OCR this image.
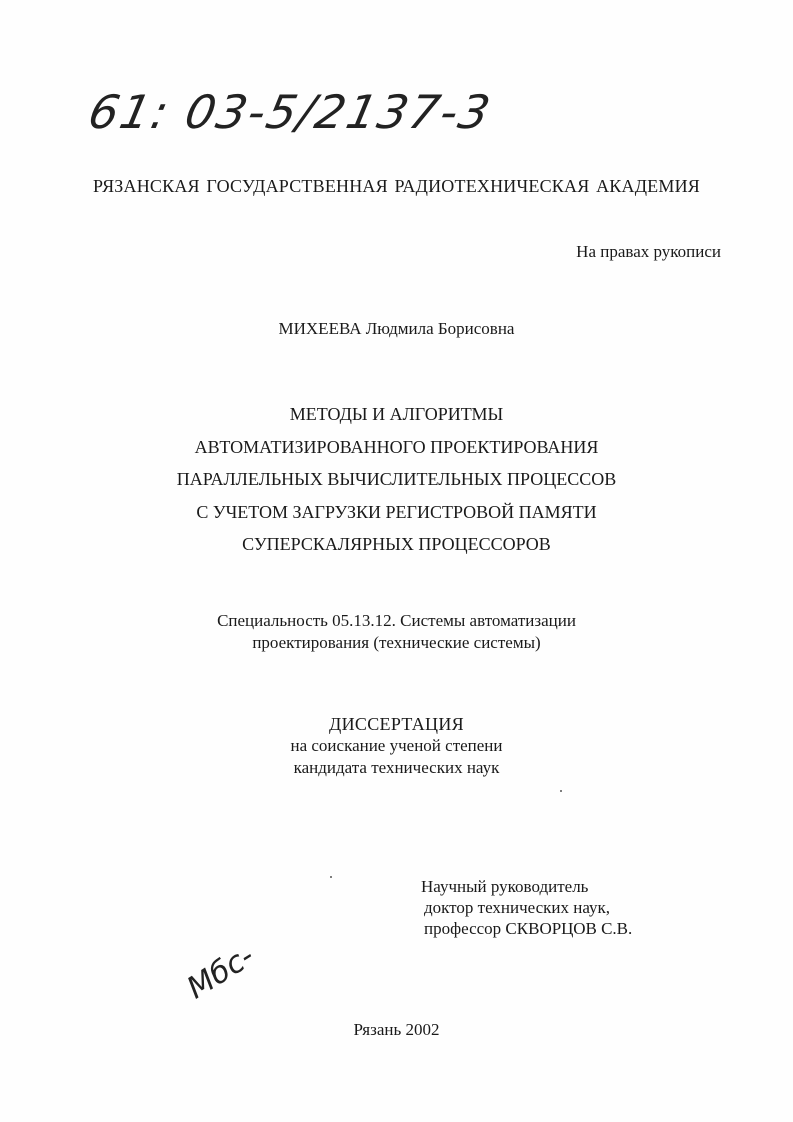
61: 03-5/2137-3
РЯЗАНСКАЯ ГОСУДАРСТВЕННАЯ РАДИОТЕХНИЧЕСКАЯ АКАДЕМИЯ
На правах рукописи
МИХЕЕВА Людмила Борисовна
МЕТОДЫ И АЛГОРИТМЫ
АВТОМАТИЗИРОВАННОГО ПРОЕКТИРОВАНИЯ
ПАРАЛЛЕЛЬНЫХ ВЫЧИСЛИТЕЛЬНЫХ ПРОЦЕССОВ
С УЧЕТОМ ЗАГРУЗКИ РЕГИСТРОВОЙ ПАМЯТИ
СУПЕРСКАЛЯРНЫХ ПРОЦЕССОРОВ
Специальность 05.13.12. Системы автоматизации
проектирования (технические системы)
ДИССЕРТАЦИЯ
на соискание ученой степени
кандидата технических наук
Научный руководитель
доктор технических наук,
профессор СКВОРЦОВ С.В.
Мбс-
Рязань 2002
